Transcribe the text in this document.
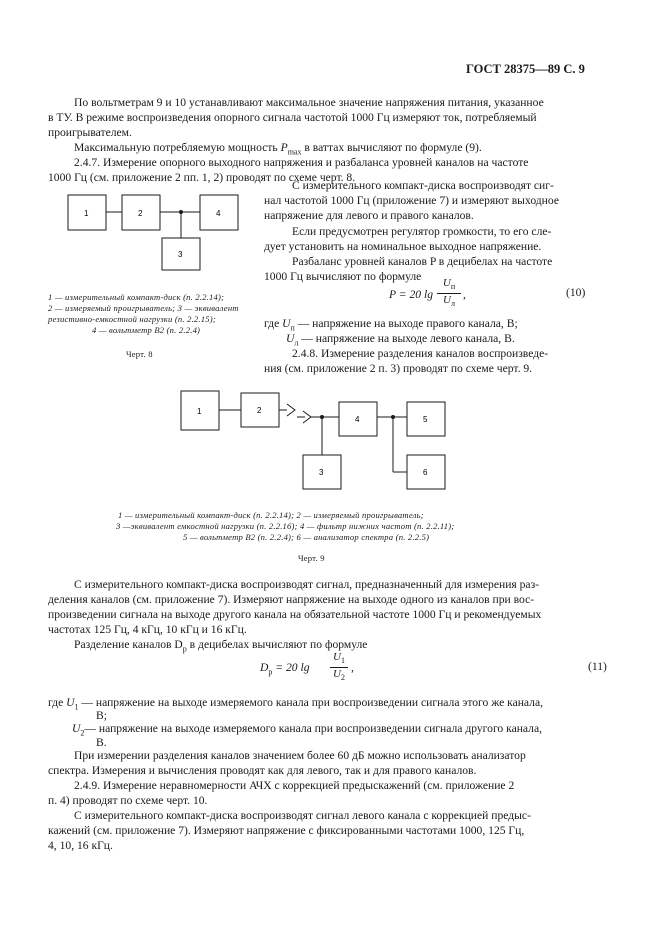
ГОСТ 28375—89 С. 9
По вольтметрам 9 и 10 устанавливают максимальное значение напряжения питания, указанное
в ТУ. В режиме воспроизведения опорного сигнала частотой 1000 Гц измеряют ток, потребляемый
проигрывателем.
Максимальную потребляемую мощность $P_{max}$ в ваттах вычисляют по формуле (9).
2.4.7. Измерение опорного выходного напряжения и разбаланса уровней каналов на частоте
1000 Гц (см. приложение 2 пп. 1, 2) проводят по схеме черт. 8.
1	2	4
3
1 — измерительный компакт-диск (п. 2.2.14);
2 — измеряемый проигрыватель; 3 — эквивалент
резистивно-емкостной нагрузки (п. 2.2.15);
4 — вольтметр В2 (п. 2.2.4)
Черт. 8
С измерительного компакт-диска воспроизводят сиг-
нал частотой 1000 Гц (приложение 7) и измеряют выходное
напряжение для левого и правого каналов.
Если предусмотрен регулятор громкости, то его сле-
дует установить на номинальное выходное напряжение.
Разбаланс уровней каналов P в децибелах на частоте
1000 Гц вычисляют по формуле
P = 20 lg
$U_п$
$U_л$
,	(10)
где $U_п$ — напряжение на выходе правого канала, В;
$U_л$ — напряжение на выходе левого канала, В.
2.4.8. Измерение разделения каналов воспроизведе-
ния (см. приложение 2 п. 3) проводят по схеме черт. 9.
1	2
4	5
3	6
1 — измерительный компакт-диск (п. 2.2.14); 2 — измеряемый проигрыватель;
3 —эквивалент емкостной нагрузки (п. 2.2.16); 4 — фильтр нижних частот (п. 2.2.11);
5 — вольтметр В2 (п. 2.2.4); 6 — анализатор спектра (п. 2.2.5)
Черт. 9
С измерительного компакт-диска воспроизводят сигнал, предназначенный для измерения раз-
деления каналов (см. приложение 7). Измеряют напряжение на выходе одного из каналов при вос-
произведении сигнала на выходе другого канала на обязательной частоте 1000 Гц и рекомендуемых
частотах 125 Гц, 4 кГц, 10 кГц и 16 кГц.
Разделение каналов $D_р$ в децибелах вычисляют по формуле
$D_p = 20$ lg
$U_1$
$U_2$
,	(11)
где $U_1$ — напряжение на выходе измеряемого канала при воспроизведении сигнала этого же канала,
В;
$U_2—$ напряжение на выходе измеряемого канала при воспроизведении сигнала другого канала,
В.
При измерении разделения каналов значением более 60 дБ можно использовать анализатор
спектра. Измерения и вычисления проводят как для левого, так и для правого каналов.
2.4.9. Измерение неравномерности АЧХ с коррекцией предыскажений (см. приложение 2
п. 4) проводят по схеме черт. 10.
С измерительного компакт-диска воспроизводят сигнал левого канала с коррекцией предыс-
кажений (см. приложение 7). Измеряют напряжение с фиксированными частотами 1000, 125 Гц,
4, 10, 16 кГц.
